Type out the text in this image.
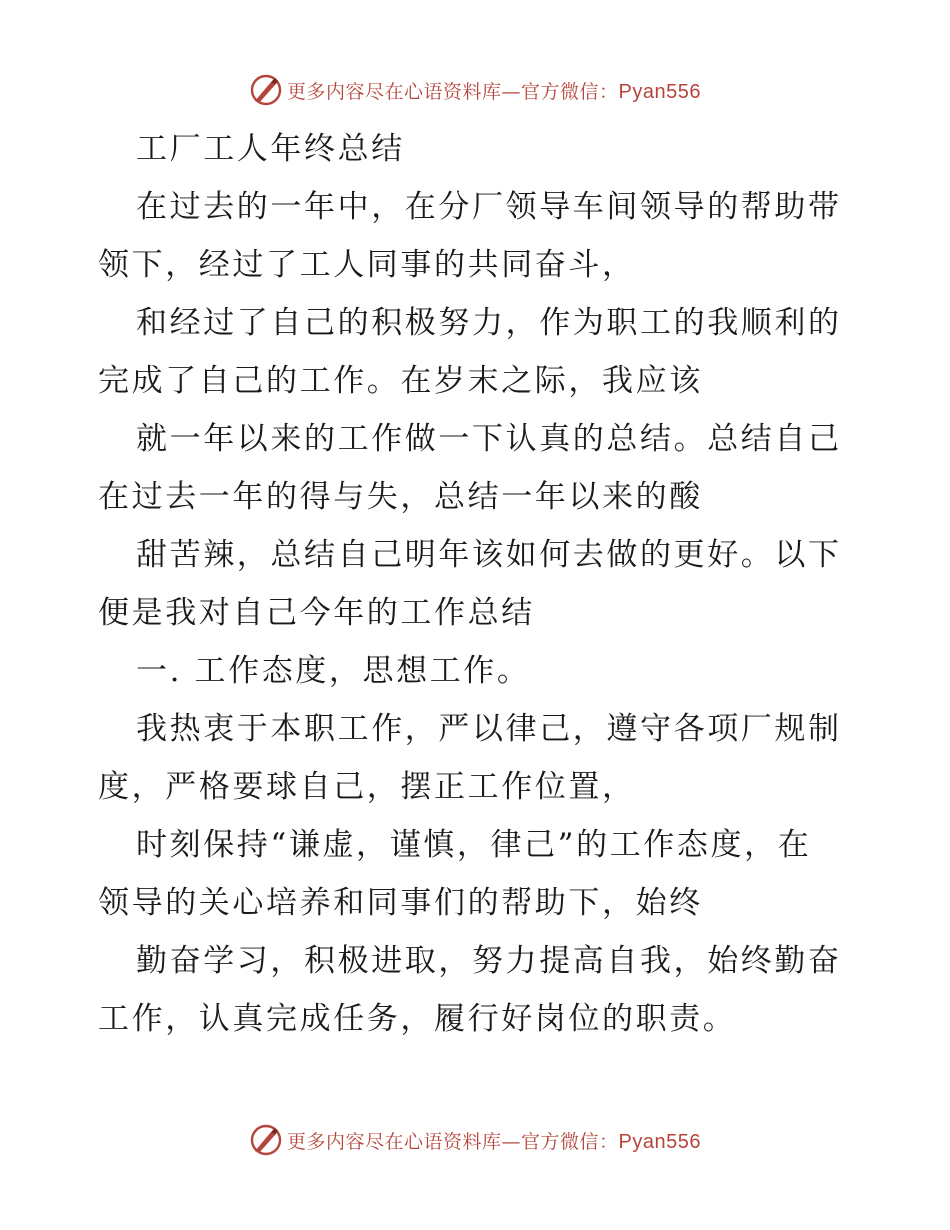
更多内容尽在心语资料库—官方微信：Pyan556

工厂工人年终总结

在过去的一年中，在分厂领导车间领导的帮助带
领下，经过了工人同事的共同奋斗，

和经过了自己的积极努力，作为职工的我顺利的
完成了自己的工作。在岁末之际，我应该

就一年以来的工作做一下认真的总结。总结自己
在过去一年的得与失，总结一年以来的酸

甜苦辣，总结自己明年该如何去做的更好。以下
便是我对自己今年的工作总结

一. 工作态度，思想工作。

我热衷于本职工作，严以律己，遵守各项厂规制
度，严格要球自己，摆正工作位置，

时刻保持“谦虚，谨慎，律己”的工作态度，在
领导的关心培养和同事们的帮助下，始终

勤奋学习，积极进取，努力提高自我，始终勤奋
工作，认真完成任务，履行好岗位的职责。

更多内容尽在心语资料库—官方微信：Pyan556
